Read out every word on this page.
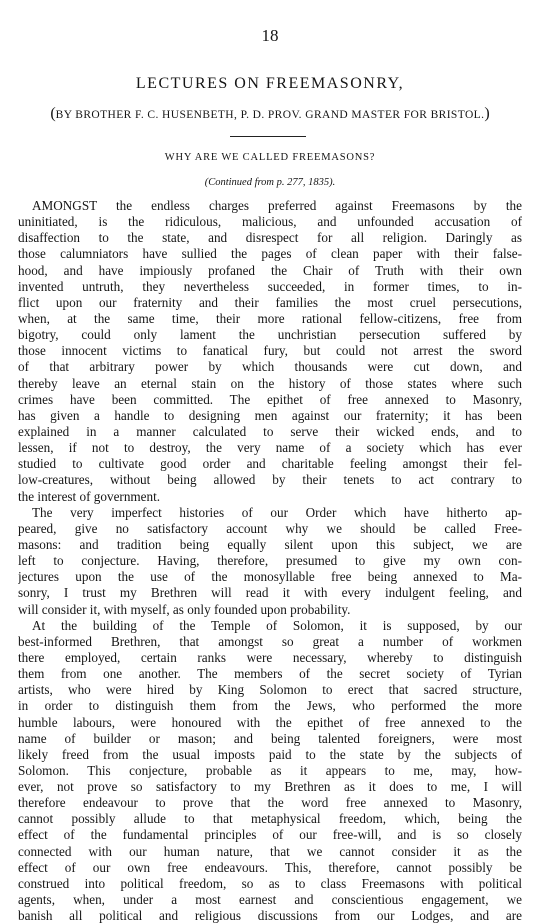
18
LECTURES ON FREEMASONRY,
(BY BROTHER F. C. HUSENBETH, P. D. PROV. GRAND MASTER FOR BRISTOL.)
WHY ARE WE CALLED FREEMASONS?
(Continued from p. 277, 1835).
AMONGST the endless charges preferred against Freemasons by the
uninitiated, is the ridiculous, malicious, and unfounded accusation of
disaffection to the state, and disrespect for all religion. Daringly as
those calumniators have sullied the pages of clean paper with their false-
hood, and have impiously profaned the Chair of Truth with their own
invented untruth, they nevertheless succeeded, in former times, to in-
flict upon our fraternity and their families the most cruel persecutions,
when, at the same time, their more rational fellow-citizens, free from
bigotry, could only lament the unchristian persecution suffered by
those innocent victims to fanatical fury, but could not arrest the sword
of that arbitrary power by which thousands were cut down, and
thereby leave an eternal stain on the history of those states where such
crimes have been committed. The epithet of free annexed to Masonry,
has given a handle to designing men against our fraternity; it has been
explained in a manner calculated to serve their wicked ends, and to
lessen, if not to destroy, the very name of a society which has ever
studied to cultivate good order and charitable feeling amongst their fel-
low-creatures, without being allowed by their tenets to act contrary to
the interest of government.
The very imperfect histories of our Order which have hitherto ap-
peared, give no satisfactory account why we should be called Free-
masons: and tradition being equally silent upon this subject, we are
left to conjecture. Having, therefore, presumed to give my own con-
jectures upon the use of the monosyllable free being annexed to Ma-
sonry, I trust my Brethren will read it with every indulgent feeling, and
will consider it, with myself, as only founded upon probability.
At the building of the Temple of Solomon, it is supposed, by our
best-informed Brethren, that amongst so great a number of workmen
there employed, certain ranks were necessary, whereby to distinguish
them from one another. The members of the secret society of Tyrian
artists, who were hired by King Solomon to erect that sacred structure,
in order to distinguish them from the Jews, who performed the more
humble labours, were honoured with the epithet of free annexed to the
name of builder or mason; and being talented foreigners, were most
likely freed from the usual imposts paid to the state by the subjects of
Solomon. This conjecture, probable as it appears to me, may, how-
ever, not prove so satisfactory to my Brethren as it does to me, I will
therefore endeavour to prove that the word free annexed to Masonry,
cannot possibly allude to that metaphysical freedom, which, being the
effect of the fundamental principles of our free-will, and is so closely
connected with our human nature, that we cannot consider it as the
effect of our own free endeavours. This, therefore, cannot possibly be
construed into political freedom, so as to class Freemasons with political
agents, when, under a most earnest and conscientious engagement, we
banish all political and religious discussions from our Lodges, and are
